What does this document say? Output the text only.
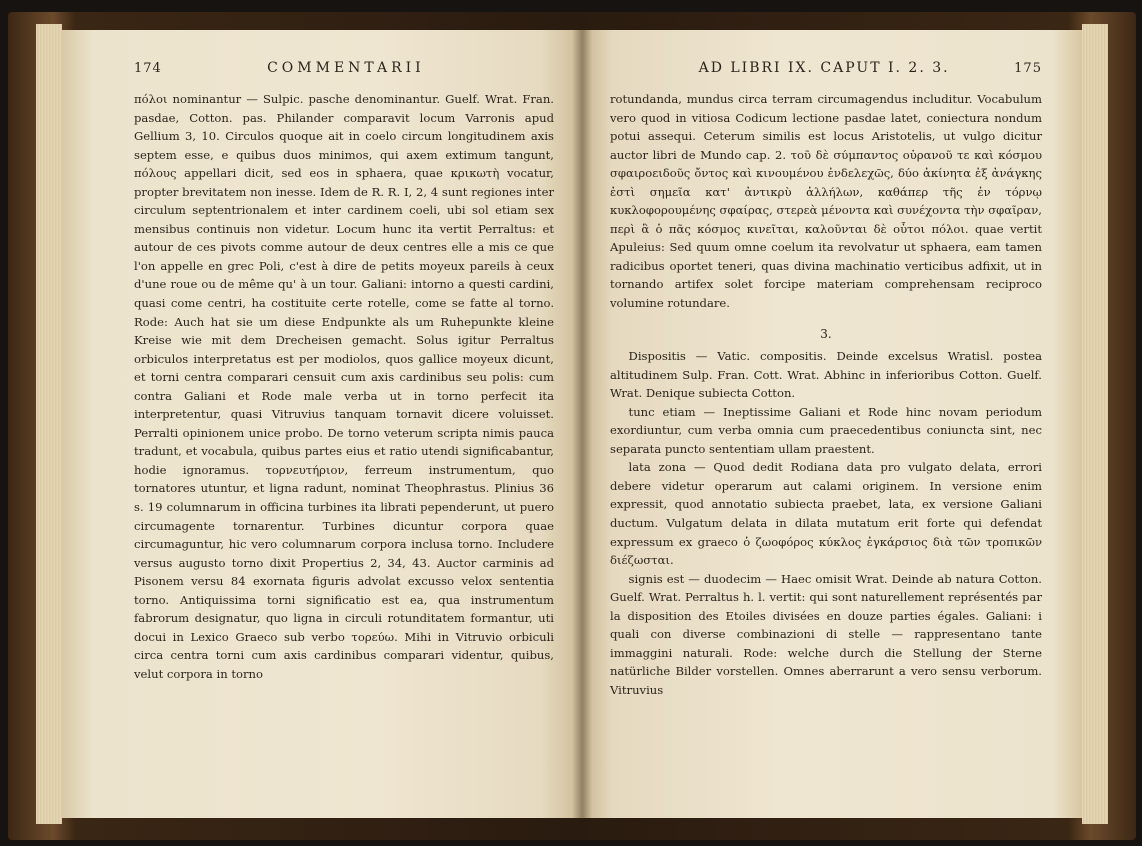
174	COMMENTARII

πόλοι nominantur — Sulpic. pasche denominantur. Guelf. Wrat. Fran. pasdae, Cotton. pas. Philander comparavit locum Varronis apud Gellium 3, 10. Circulos quoque ait in coelo circum longitudinem axis septem esse, e quibus duos minimos, qui axem extimum tangunt, πόλους appellari dicit, sed eos in sphaera, quae κρικωτὴ vocatur, propter brevitatem non inesse. Idem de R. R. I, 2, 4 sunt regiones inter circulum septentrionalem et inter cardinem coeli, ubi sol etiam sex mensibus continuis non videtur. Locum hunc ita vertit Perraltus: et autour de ces pivots comme autour de deux centres elle a mis ce que l'on appelle en grec Poli, c'est à dire de petits moyeux pareils à ceux d'une roue ou de même qu' à un tour. Galiani: intorno a questi cardini, quasi come centri, ha costituite certe rotelle, come se fatte al torno. Rode: Auch hat sie um diese Endpunkte als um Ruhepunkte kleine Kreise wie mit dem Drecheisen gemacht. Solus igitur Perraltus orbiculos interpretatus est per modiolos, quos gallice moyeux dicunt, et torni centra comparari censuit cum axis cardinibus seu polis: cum contra Galiani et Rode male verba ut in torno perfecit ita interpretentur, quasi Vitruvius tanquam tornavit dicere voluisset. Perralti opinionem unice probo. De torno veterum scripta nimis pauca tradunt, et vocabula, quibus partes eius et ratio utendi significabantur, hodie ignoramus. τορνευτήριον, ferreum instrumentum, quo tornatores utuntur, et ligna radunt, nominat Theophrastus. Plinius 36 s. 19 columnarum in officina turbines ita librati pependerunt, ut puero circumagente tornarentur. Turbines dicuntur corpora quae circumaguntur, hic vero columnarum corpora inclusa torno. Includere versus augusto torno dixit Propertius 2, 34, 43. Auctor carminis ad Pisonem versu 84 exornata figuris advolat excusso velox sententia torno. Antiquissima torni significatio est ea, qua instrumentum fabrorum designatur, quo ligna in circuli rotunditatem formantur, uti docui in Lexico Graeco sub verbo τορεύω. Mihi in Vitruvio orbiculi circa centra torni cum axis cardinibus comparari videntur, quibus, velut corpora in torno

AD LIBRI IX. CAPUT I. 2. 3.	175

rotundanda, mundus circa terram circumagendus includitur. Vocabulum vero quod in vitiosa Codicum lectione pasdae latet, coniectura nondum potui assequi. Ceterum similis est locus Aristotelis, ut vulgo dicitur auctor libri de Mundo cap. 2. τοῦ δὲ σύμπαντος οὐρανοῦ τε καὶ κόσμου σφαιροειδοῦς ὄντος καὶ κινουμένου ἐνδελεχῶς, δύο ἀκίνητα ἐξ ἀνάγκης ἐστὶ σημεῖα κατ' ἀντικρὺ ἀλλήλων, καθάπερ τῆς ἐν τόρνῳ κυκλοφορουμένης σφαίρας, στερεὰ μένοντα καὶ συνέχοντα τὴν σφαῖραν, περὶ ἃ ὁ πᾶς κόσμος κινεῖται, καλοῦνται δὲ οὗτοι πόλοι. quae vertit Apuleius: Sed quum omne coelum ita revolvatur ut sphaera, eam tamen radicibus oportet teneri, quas divina machinatio verticibus adfixit, ut in tornando artifex solet forcipe materiam comprehensam reciproco volumine rotundare.

3.

Dispositis — Vatic. compositis. Deinde excelsus Wratisl. postea altitudinem Sulp. Fran. Cott. Wrat. Abhinc in inferioribus Cotton. Guelf. Wrat. Denique subiecta Cotton.

tunc etiam — Ineptissime Galiani et Rode hinc novam periodum exordiuntur, cum verba omnia cum praecedentibus coniuncta sint, nec separata puncto sententiam ullam praestent.

lata zona — Quod dedit Rodiana data pro vulgato delata, errori debere videtur operarum aut calami originem. In versione enim expressit, quod annotatio subiecta praebet, lata, ex versione Galiani ductum. Vulgatum delata in dilata mutatum erit forte qui defendat expressum ex graeco ὁ ζωοφόρος κύκλος ἐγκάρσιος διὰ τῶν τροπικῶν διέζωσται.

signis est — duodecim — Haec omisit Wrat. Deinde ab natura Cotton. Guelf. Wrat. Perraltus h. l. vertit: qui sont naturellement représentés par la disposition des Etoiles divisées en douze parties égales. Galiani: i quali con diverse combinazioni di stelle — rappresentano tante immaggini naturali. Rode: welche durch die Stellung der Sterne natürliche Bilder vorstellen. Omnes aberrarunt a vero sensu verborum. Vitruvius
